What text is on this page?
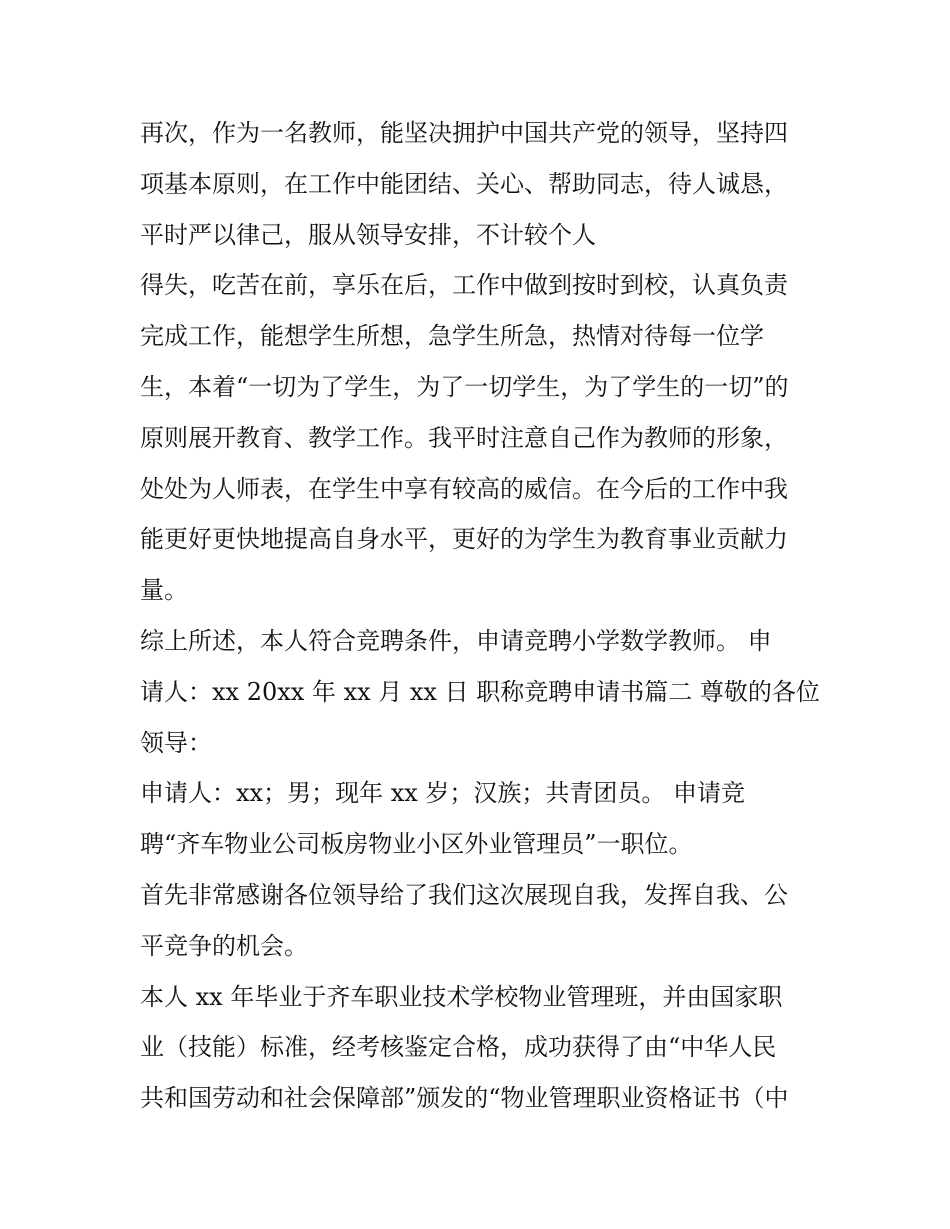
再次，作为一名教师，能坚决拥护中国共产党的领导，坚持四
项基本原则，在工作中能团结、关心、帮助同志，待人诚恳，
平时严以律己，服从领导安排，不计较个人
得失，吃苦在前，享乐在后，工作中做到按时到校，认真负责
完成工作，能想学生所想，急学生所急，热情对待每一位学
生，本着“一切为了学生，为了一切学生，为了学生的一切”的
原则展开教育、教学工作。我平时注意自己作为教师的形象，
处处为人师表，在学生中享有较高的威信。在今后的工作中我
能更好更快地提高自身水平，更好的为学生为教育事业贡献力
量。
综上所述，本人符合竞聘条件，申请竞聘小学数学教师。 申
请人：xx 20xx 年 xx 月 xx 日 职称竞聘申请书篇二 尊敬的各位
领导：
申请人：xx；男；现年 xx 岁；汉族；共青团员。 申请竞
聘“齐车物业公司板房物业小区外业管理员”一职位。
首先非常感谢各位领导给了我们这次展现自我，发挥自我、公
平竞争的机会。
本人 xx 年毕业于齐车职业技术学校物业管理班，并由国家职
业（技能）标准，经考核鉴定合格，成功获得了由“中华人民
共和国劳动和社会保障部”颁发的“物业管理职业资格证书（中
